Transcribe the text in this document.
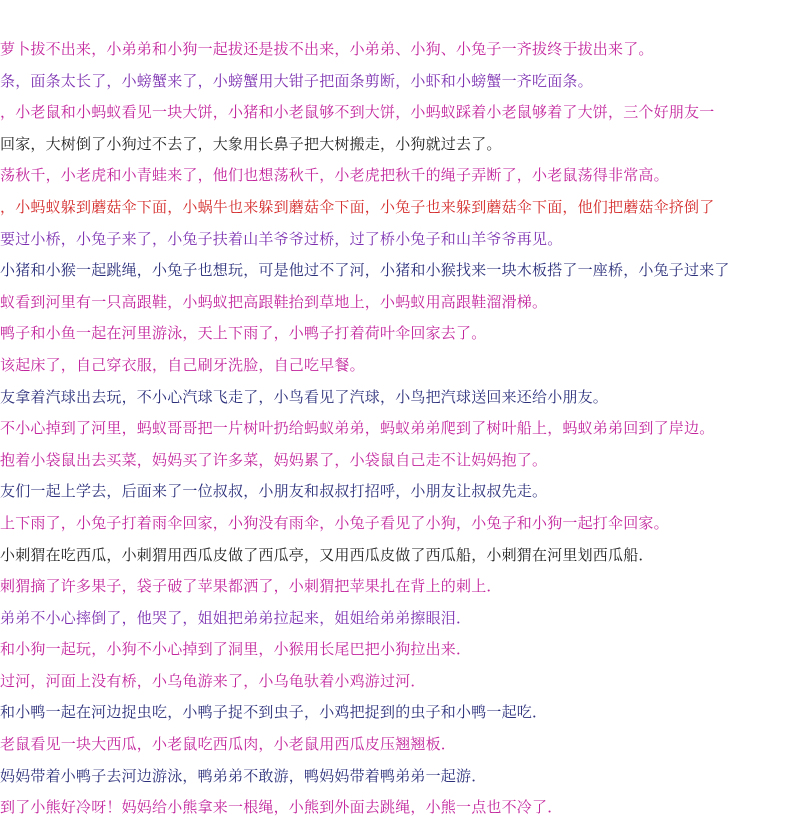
萝卜拔不出来，小弟弟和小狗一起拔还是拔不出来，小弟弟、小狗、小兔子一齐拔终于拔出来了。
条，面条太长了，小螃蟹来了，小螃蟹用大钳子把面条剪断，小虾和小螃蟹一齐吃面条。
，小老鼠和小蚂蚁看见一块大饼，小猪和小老鼠够不到大饼，小蚂蚁踩着小老鼠够着了大饼，三个好朋友一
回家，大树倒了小狗过不去了，大象用长鼻子把大树搬走，小狗就过去了。
荡秋千，小老虎和小青蛙来了，他们也想荡秋千，小老虎把秋千的绳子弄断了，小老鼠荡得非常高。
，小蚂蚁躲到蘑菇伞下面，小蜗牛也来躲到蘑菇伞下面，小兔子也来躲到蘑菇伞下面，他们把蘑菇伞挤倒了
要过小桥，小兔子来了，小兔子扶着山羊爷爷过桥，过了桥小兔子和山羊爷爷再见。
小猪和小猴一起跳绳，小兔子也想玩，可是他过不了河，小猪和小猴找来一块木板搭了一座桥，小兔子过来了
蚁看到河里有一只高跟鞋，小蚂蚁把高跟鞋抬到草地上，小蚂蚁用高跟鞋溜滑梯。
鸭子和小鱼一起在河里游泳，天上下雨了，小鸭子打着荷叶伞回家去了。
该起床了，自己穿衣服，自己刷牙洗脸，自己吃早餐。
友拿着汽球出去玩，不小心汽球飞走了，小鸟看见了汽球，小鸟把汽球送回来还给小朋友。
不小心掉到了河里，蚂蚁哥哥把一片树叶扔给蚂蚁弟弟，蚂蚁弟弟爬到了树叶船上，蚂蚁弟弟回到了岸边。
抱着小袋鼠出去买菜，妈妈买了许多菜，妈妈累了，小袋鼠自己走不让妈妈抱了。
友们一起上学去，后面来了一位叔叔，小朋友和叔叔打招呼，小朋友让叔叔先走。
上下雨了，小兔子打着雨伞回家，小狗没有雨伞，小兔子看见了小狗，小兔子和小狗一起打伞回家。
小刺猬在吃西瓜，小刺猬用西瓜皮做了西瓜亭，又用西瓜皮做了西瓜船，小刺猬在河里划西瓜船．
刺猬摘了许多果子，袋子破了苹果都洒了，小刺猬把苹果扎在背上的刺上．
弟弟不小心摔倒了，他哭了，姐姐把弟弟拉起来，姐姐给弟弟擦眼泪．
和小狗一起玩，小狗不小心掉到了洞里，小猴用长尾巴把小狗拉出来．
过河，河面上没有桥，小乌龟游来了，小乌龟驮着小鸡游过河．
和小鸭一起在河边捉虫吃，小鸭子捉不到虫子，小鸡把捉到的虫子和小鸭一起吃．
老鼠看见一块大西瓜，小老鼠吃西瓜肉，小老鼠用西瓜皮压翘翘板．
妈妈带着小鸭子去河边游泳，鸭弟弟不敢游，鸭妈妈带着鸭弟弟一起游．
到了小熊好冷呀！妈妈给小熊拿来一根绳，小熊到外面去跳绳，小熊一点也不冷了．
